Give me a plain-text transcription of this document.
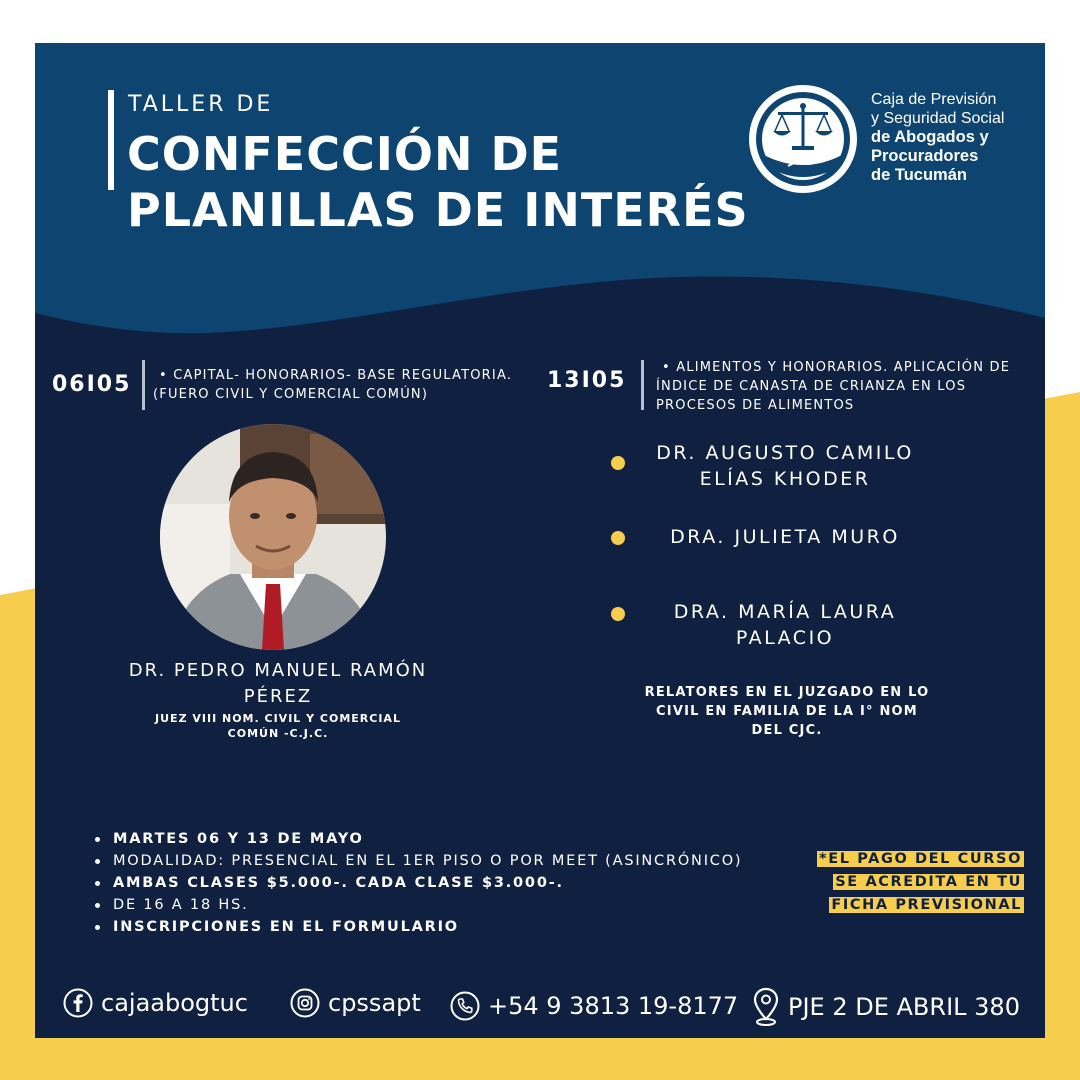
TALLER DE
CONFECCIÓN DE
PLANILLAS DE INTERÉS
Caja de Previsión
y Seguridad Social
de Abogados y
Procuradores
de Tucumán
06I05	• CAPITAL- HONORARIOS- BASE REGULATORIA.
(FUERO CIVIL Y COMERCIAL COMÚN)
13I05
• ALIMENTOS Y HONORARIOS. APLICACIÓN DE
ÍNDICE DE CANASTA DE CRIANZA EN LOS
PROCESOS DE ALIMENTOS
DR. PEDRO MANUEL RAMÓN
PÉREZ
JUEZ VIII NOM. CIVIL Y COMERCIAL
COMÚN -C.J.C.
DR. AUGUSTO CAMILO
ELÍAS KHODER
DRA. JULIETA MURO
DRA. MARÍA LAURA
PALACIO
RELATORES EN EL JUZGADO EN LO
CIVIL EN FAMILIA DE LA I° NOM
DEL CJC.
MARTES 06 Y 13 DE MAYO
MODALIDAD: PRESENCIAL EN EL 1ER PISO O POR MEET (ASINCRÓNICO)
AMBAS CLASES $5.000-. CADA CLASE $3.000-.
DE 16 A 18 HS.
INSCRIPCIONES EN EL FORMULARIO
*EL PAGO DEL CURSO
SE ACREDITA EN TU
FICHA PREVISIONAL
cajaabogtuc	cpssapt	+54 9 3813 19-8177 PJE 2 DE ABRIL 380
